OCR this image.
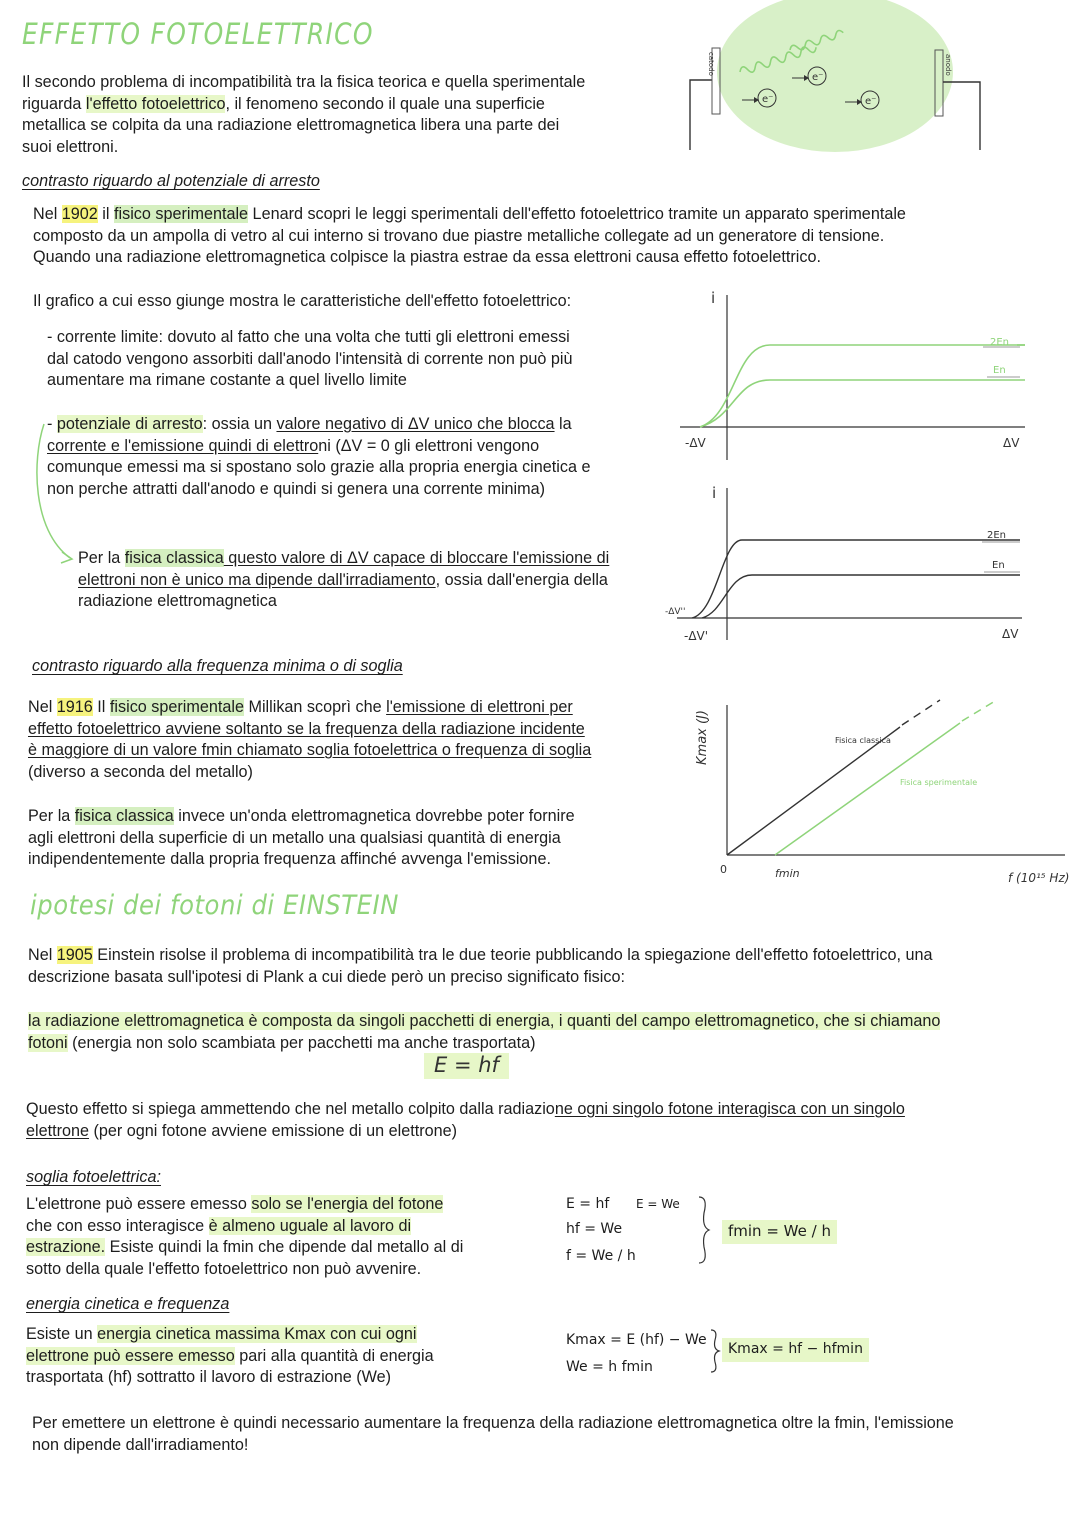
EFFETTO FOTOELETTRICO
Il secondo problema di incompatibilità tra la fisica teorica e quella sperimentale
riguarda l'effetto fotoelettrico, il fenomeno secondo il quale una superficie
metallica se colpita da una radiazione elettromagnetica libera una parte dei
suoi elettroni.
e⁻
e⁻
e⁻
catodo	anodo
contrasto riguardo al potenziale di arresto
Nel 1902 il fisico sperimentale Lenard scopri le leggi sperimentali dell'effetto fotoelettrico tramite un apparato sperimentale
composto da un ampolla di vetro al cui interno si trovano due piastre metalliche collegate ad un generatore di tensione.
Quando una radiazione elettromagnetica colpisce la piastra estrae da essa elettroni causa effetto fotoelettrico.
Il grafico a cui esso giunge mostra le caratteristiche dell'effetto fotoelettrico:
- corrente limite: dovuto al fatto che una volta che tutti gli elettroni emessi
dal catodo vengono assorbiti dall'anodo l'intensità di corrente non può più
aumentare ma rimane costante a quel livello limite
- potenziale di arresto: ossia un valore negativo di ΔV unico che blocca la
corrente e l'emissione quindi di elettroni (ΔV = 0 gli elettroni vengono
comunque emessi ma si spostano solo grazie alla propria energia cinetica e
non perche attratti dall'anodo e quindi si genera una corrente minima)
Per la fisica classica questo valore di ΔV capace di bloccare l'emissione di
elettroni non è unico ma dipende dall'irradiamento, ossia dall'energia della
radiazione elettromagnetica
i
ΔV
-ΔV
2En
En
i
ΔV
-ΔV'
-ΔV''
2En
En
contrasto riguardo alla frequenza minima o di soglia
Nel 1916 Il fisico sperimentale Millikan scoprì che l'emissione di elettroni per
effetto fotoelettrico avviene soltanto se la frequenza della radiazione incidente
è maggiore di un valore fmin chiamato soglia fotoelettrica o frequenza di soglia
(diverso a seconda del metallo)
Per la fisica classica invece un'onda elettromagnetica dovrebbe poter fornire
agli elettroni della superficie di un metallo una qualsiasi quantità di energia
indipendentemente dalla propria frequenza affinché avvenga l'emissione.
Kmax (J)
0	fmin	f (10¹⁵ Hz)
Fisica classica
Fisica sperimentale
ipotesi dei fotoni di EINSTEIN
Nel 1905 Einstein risolse il problema di incompatibilità tra le due teorie pubblicando la spiegazione dell'effetto fotoelettrico, una
descrizione basata sull'ipotesi di Plank a cui diede però un preciso significato fisico:
la radiazione elettromagnetica è composta da singoli pacchetti di energia, i quanti del campo elettromagnetico, che si chiamano
fotoni (energia non solo scambiata per pacchetti ma anche trasportata)
E = hf
Questo effetto si spiega ammettendo che nel metallo colpito dalla radiazione ogni singolo fotone interagisca con un singolo
elettrone (per ogni fotone avviene emissione di un elettrone)
soglia fotoelettrica:
L'elettrone può essere emesso solo se l'energia del fotone
che con esso interagisce è almeno uguale al lavoro di
estrazione. Esiste quindi la fmin che dipende dal metallo al di
sotto della quale l'effetto fotoelettrico non può avvenire.
E = hf E = We
hf = We
f = We / h
fmin = We / h
energia cinetica e frequenza
Esiste un energia cinetica massima Kmax con cui ogni
elettrone può essere emesso pari alla quantità di energia
trasportata (hf) sottratto il lavoro di estrazione (We)
Kmax = E (hf) − We
We = h fmin
Kmax = hf − hfmin
Per emettere un elettrone è quindi necessario aumentare la frequenza della radiazione elettromagnetica oltre la fmin, l'emissione
non dipende dall'irradiamento!
